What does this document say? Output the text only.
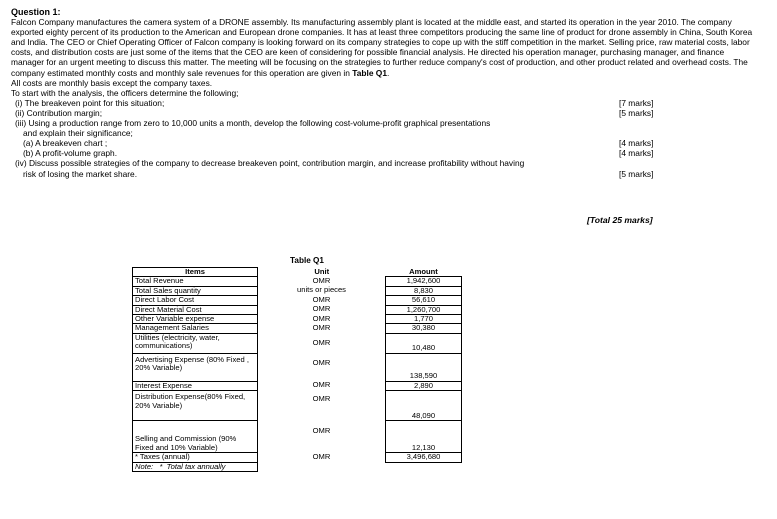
Question 1:

Falcon Company manufactures the camera system of a DRONE assembly. Its manufacturing assembly plant is located at the middle east, and started its operation in the year 2010. The company exported eighty percent of its production to the American and European drone companies. It has at least three competitors producing the same line of product for drone assembly in China, South Korea and India. The CEO or Chief Operating Officer of Falcon company is looking forward on its company strategies to cope up with the stiff competition in the market. Selling price, raw material costs, labor costs, and distribution costs are just some of the items that the CEO are keen of considering for possible financial analysis. He directed his operation manager, purchasing manager, and finance manager for an urgent meeting to discuss this matter. The meeting will be focusing on the strategies to further reduce company's cost of production, and other product related and overhead costs. The company estimated monthly costs and monthly sale revenues for this operation are given in Table Q1.

All costs are monthly basis except the company taxes.
To start with the analysis, the officers determine the following;
(i) The breakeven point for this situation;	[7 marks]
(ii) Contribution margin;	[5 marks]
(iii) Using a production range from zero to 10,000 units a month, develop the following cost-volume-profit graphical presentations
and explain their significance;
(a) A breakeven chart ;	[4 marks]
(b) A profit-volume graph.	[4 marks]
(iv) Discuss possible strategies of the company to decrease breakeven point, contribution margin, and increase profitability without having
risk of losing the market share.	[5 marks]
[Total 25 marks]
Table Q1
Items	Unit	Amount
Total Revenue	OMR	1,942,600
Total Sales quantity	units or pieces	8,830
Direct Labor Cost	OMR	56,610
Direct Material Cost	OMR	1,260,700
Other Variable expense	OMR	1,770
Management Salaries	OMR	30,380
Utilities (electricity, water, communications)	OMR	10,480
Advertising Expense (80% Fixed , 20% Variable)	OMR	138,590
Interest Expense	OMR	2,890
Distribution Expense(80% Fixed, 20% Variable)	OMR	48,090
Selling and Commission (90% Fixed and 10% Variable)	OMR	12,130
* Taxes (annual)	OMR	3,496,680
Note:   *  Total tax annually		
